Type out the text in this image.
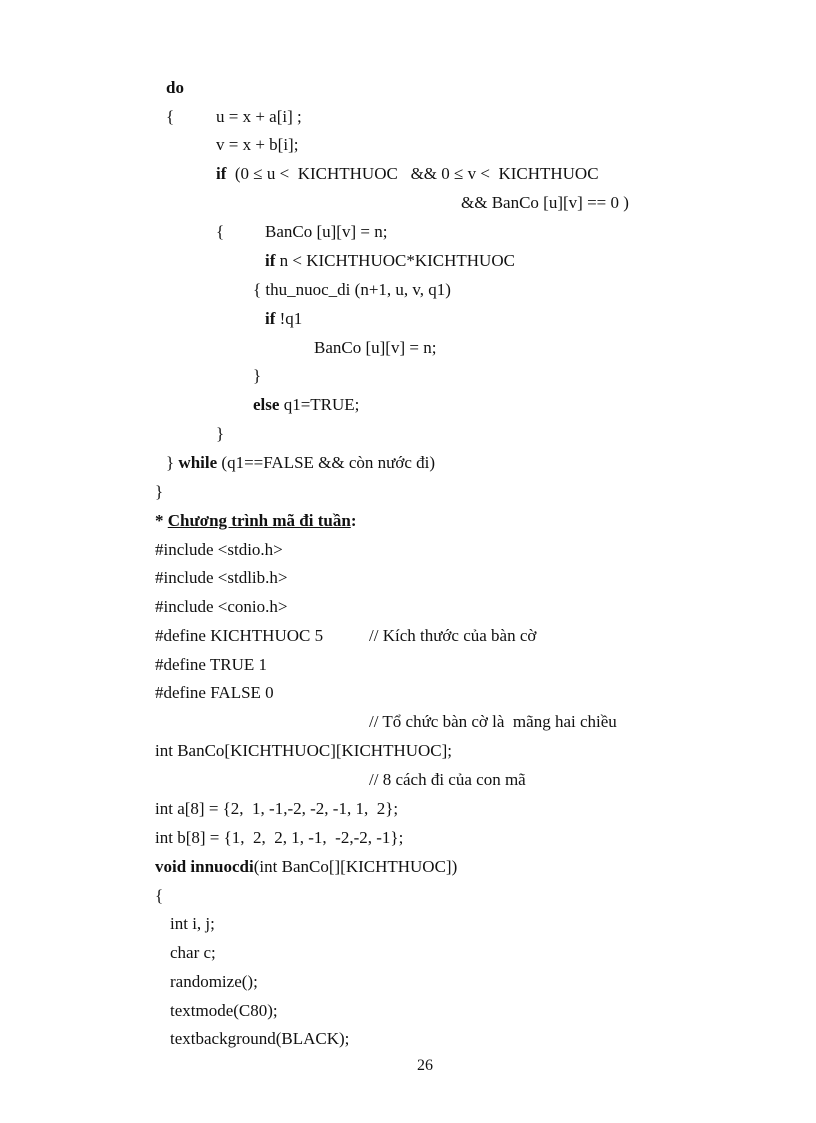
do
{ u = x + a[i] ;
v = x + b[i];
if (0 ≤ u <  KICHTHUOC   && 0 ≤ v <  KICHTHUOC
&& BanCo [u][v] == 0 )
{ BanCo [u][v] = n;
if n < KICHTHUOC*KICHTHUOC
{ thu_nuoc_di (n+1, u, v, q1)
if !q1
BanCo [u][v] = n;
}
else q1=TRUE;
}
} while (q1==FALSE && còn nước đi)
}
* Chương trình mã đi tuần:
#include <stdio.h>
#include <stdlib.h>
#include <conio.h>
#define KICHTHUOC 5	// Kích thước của bàn cờ
#define TRUE 1
#define FALSE 0
// Tổ chức bàn cờ là  mãng hai chiều
int BanCo[KICHTHUOC][KICHTHUOC];
// 8 cách đi của con mã
int a[8] = {2,  1, -1,-2, -2, -1, 1,  2};
int b[8] = {1,  2,  2, 1, -1,  -2,-2, -1};
void innuocdi(int BanCo[][KICHTHUOC])
{
int i, j;
char c;
randomize();
textmode(C80);
textbackground(BLACK);
26
